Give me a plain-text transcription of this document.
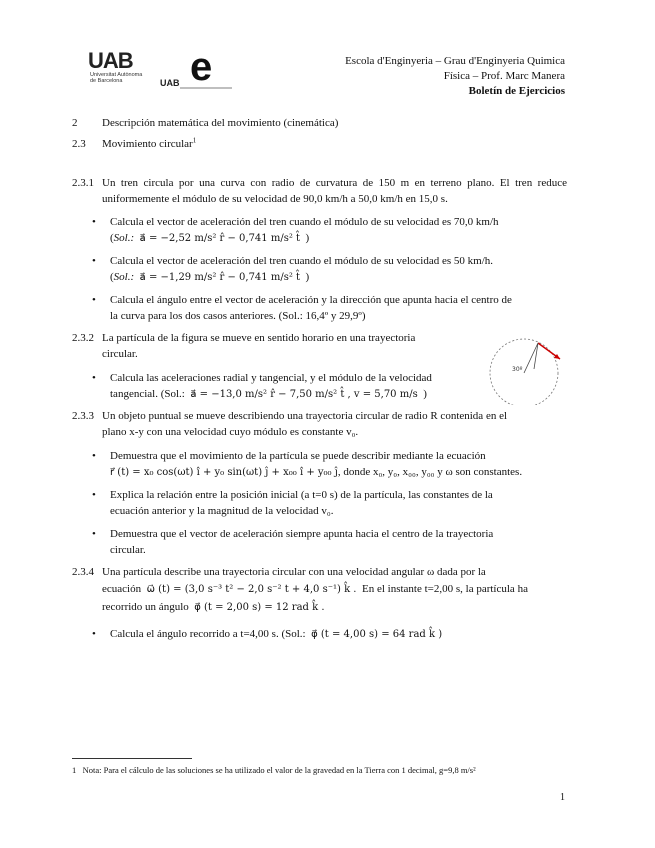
UAB
Universitat Autònoma
de Barcelona	e
UAB
Escola d'Enginyeria – Grau d'Enginyeria Quimica
Física – Prof. Marc Manera
Boletín de Ejercicios
2 Descripción matemática del movimiento (cinemática)
2.3 Movimiento circular$^1$
2.3.1 Un tren circula por una curva con radio de curvatura de 150 m en terreno plano. El tren reduce uniformemente el módulo de su velocidad de 90,0 km/h a 50,0 km/h en 15,0 s.
• Calcula el vector de aceleración del tren cuando el módulo de su velocidad es 70,0 km/h
(Sol.: a⃗ = −2,52 m/s² r̂ − 0,741 m/s² t̂  )
• Calcula el vector de aceleración del tren cuando el módulo de su velocidad es 50 km/h.
(Sol.: a⃗ = −1,29 m/s² r̂ − 0,741 m/s² t̂  )
• Calcula el ángulo entre el vector de aceleración y la dirección que apunta hacia el centro de
la curva para los dos casos anteriores. (Sol.: 16,4º y 29,9º)
2.3.2 La partícula de la figura se mueve en sentido horario en una trayectoria
circular.
• Calcula las aceleraciones radial y tangencial, y el módulo de la velocidad
tangencial. (Sol.: a⃗ = −13,0 m/s² r̂ − 7,50 m/s² t̂ , v = 5,70 m/s  )
30º
2.3.3 Un objeto puntual se mueve describiendo una trayectoria circular de radio R contenida en el
plano x-y con una velocidad cuyo módulo es constante v₀.
• Demuestra que el movimiento de la partícula se puede describir mediante la ecuación
r⃗ (t) = x₀ cos(ωt) î + y₀ sin(ωt) ĵ + x₀₀ î + y₀₀ ĵ, donde x₀, y₀, x₀₀, y₀₀ y ω son constantes.
• Explica la relación entre la posición inicial (a t=0 s) de la partícula, las constantes de la
ecuación anterior y la magnitud de la velocidad v₀.
• Demuestra que el vector de aceleración siempre apunta hacia el centro de la trayectoria
circular.
2.3.4 Una partícula describe una trayectoria circular con una velocidad angular ω dada por la
ecuación ω⃗ (t) = (3,0 s⁻³ t² − 2,0 s⁻² t + 4,0 s⁻¹) k̂ . En el instante t=2,00 s, la partícula ha
recorrido un ángulo φ⃗ (t = 2,00 s) = 12 rad k̂ .
• Calcula el ángulo recorrido a t=4,00 s. (Sol.: φ⃗ (t = 4,00 s) = 64 rad k̂ )
1 Nota: Para el cálculo de las soluciones se ha utilizado el valor de la gravedad en la Tierra con 1 decimal, g=9,8 m/s²
1
